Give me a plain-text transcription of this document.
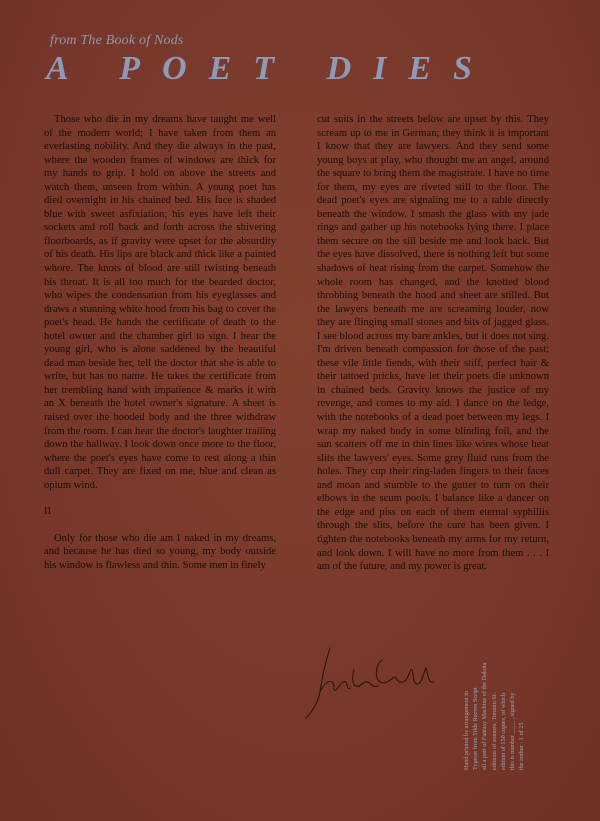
from The Book of Nods
A POET DIES

Those who die in my dreams have taught me well of the modern world; I have taken from them an everlasting nobility. And they die always in the past, where the wooden frames of windows are thick for my hands to grip. I hold on above the streets and watch them, unseen from within. A young poet has died overnight in his chained bed. His face is shaded blue with sweet asfixiation; his eyes have left their sockets and roll back and forth across the shivering floorboards, as if gravity were upset for the absurdity of his death. His lips are black and thick like a painted whore. The knots of blood are still twisting beneath his throat. It is all too much for the bearded doctor, who wipes the condensation from his eyeglasses and draws a stunning white hood from his bag to cover the poet's head. He hands the certificate of death to the hotel owner and the chamber girl to sign. I hear the young girl, who is alone saddened by the beautiful dead man beside her, tell the doctor that she is able to write, but has no name. He takes the certificate from her trembling hand with impatience & marks it with an X beneath the hotel owner's signature. A sheet is raised over the hooded body and the three withdraw from the room. I can hear the doctor's laughter trailing down the hallway. I look down once more to the floor, where the poet's eyes have come to rest along a thin dull carpet. They are fixed on me, blue and clean as opium wind.

II

Only for those who die am I naked in my dreams, and because he has died so young, my body outside his window is flawless and thin. Some men in finely

cut suits in the streets below are upset by this. They scream up to me in German; they think it is important I know that they are lawyers. And they send some young boys at play, who thought me an angel, around the square to bring them the magistrate. I have no time for them, my eyes are riveted still to the floor. The dead poet's eyes are signaling me to a table directly beneath the window. I smash the glass with my jade rings and gather up his notebooks lying there. I place them secure on the sill beside me and look back. But the eyes have dissolved, there is nothing left but some shadows of heat rising from the carpet. Somehow the whole room has changed, and the knotted blood throbbing beneath the hood and sheet are stilled. But the lawyers beneath me are screaming louder, now they are flinging small stones and bits of jagged glass. I see blood across my bare ankles, but it does not sing. I'm driven beneath compassion for those of the past; these vile little fiends, with their stiff, perfect hair & their tattoed pricks, have let their poets die unknown in chained beds. Gravity knows the justice of my revenge, and comes to my aid. I dance on the ledge, with the notebooks of a dead poet between my legs. I wrap my naked body in some blinding foil, and the sun scatters off me in thin lines like wires whose heat slits the lawyers' eyes. Some grey fluid runs from the holes. They cup their ring-laden fingers to their faces and moan and stumble to the gutter to turn on their elbows in the scum pools. I balance like a dancer on the edge and piss on each of them eternal syphillis through the slits, before the cure has been given. I tighten the notebooks beneath my arms for my return, and look down. I will have no more from them . . . I am of the future, and my power is great.

Hand printed by arrangement in Typeset from Tilde Reeves Script all a part of Fantasy Machine of the Dakota editions of sonnets, Toronto St. edition of 150 copies, of which this is number ____ , signed by the author · 1 of 25
